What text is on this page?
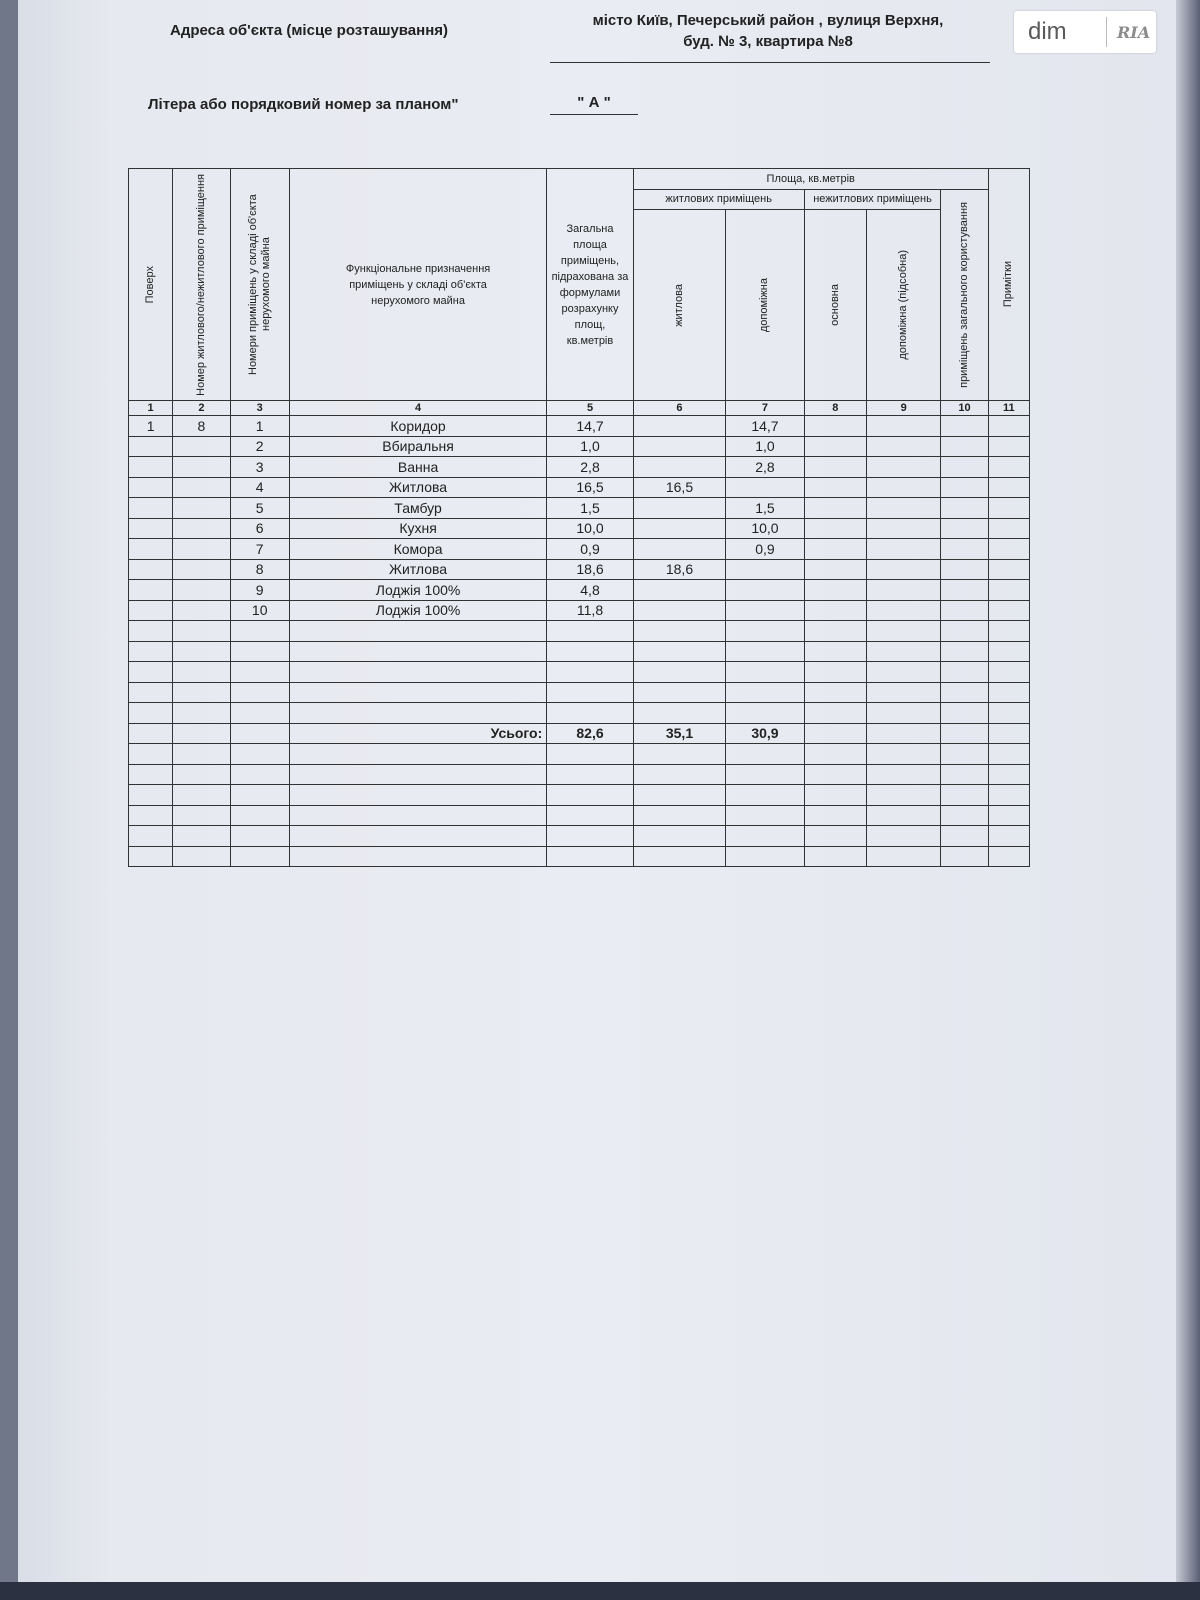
Адреса об'єкта (місце розташування)
місто Київ, Печерський район , вулиця Верхня,
буд. № 3, квартира №8
Літера або порядковий номер за планом"	" А "
dim	RIA
Поверх	Номер житлового/нежитлового приміщення	Номери приміщень у складі об'єкта нерухомого майна	Функціональне призначення приміщень у складі об'єкта нерухомого майна	Загальна площа приміщень, підрахована за формулами розрахунку площ, кв.метрів	Площа, кв.метрів					Примітки

					житлових приміщень		нежитлових приміщень		приміщень загального користування	

					житлова	допоміжна	основна	допоміжна (підсобна)		

1	2	3	4	5	6	7	8	9	10	11
1	8	1	Коридор	14,7		14,7				
		2	Вбиральня	1,0		1,0				
		3	Ванна	2,8		2,8				
		4	Житлова	16,5	16,5					
		5	Тамбур	1,5		1,5				
		6	Кухня	10,0		10,0				
		7	Комора	0,9		0,9				
		8	Житлова	18,6	18,6					
		9	Лоджія 100%	4,8						
		10	Лоджія 100%	11,8						

			Усього:	82,6	35,1	30,9				
